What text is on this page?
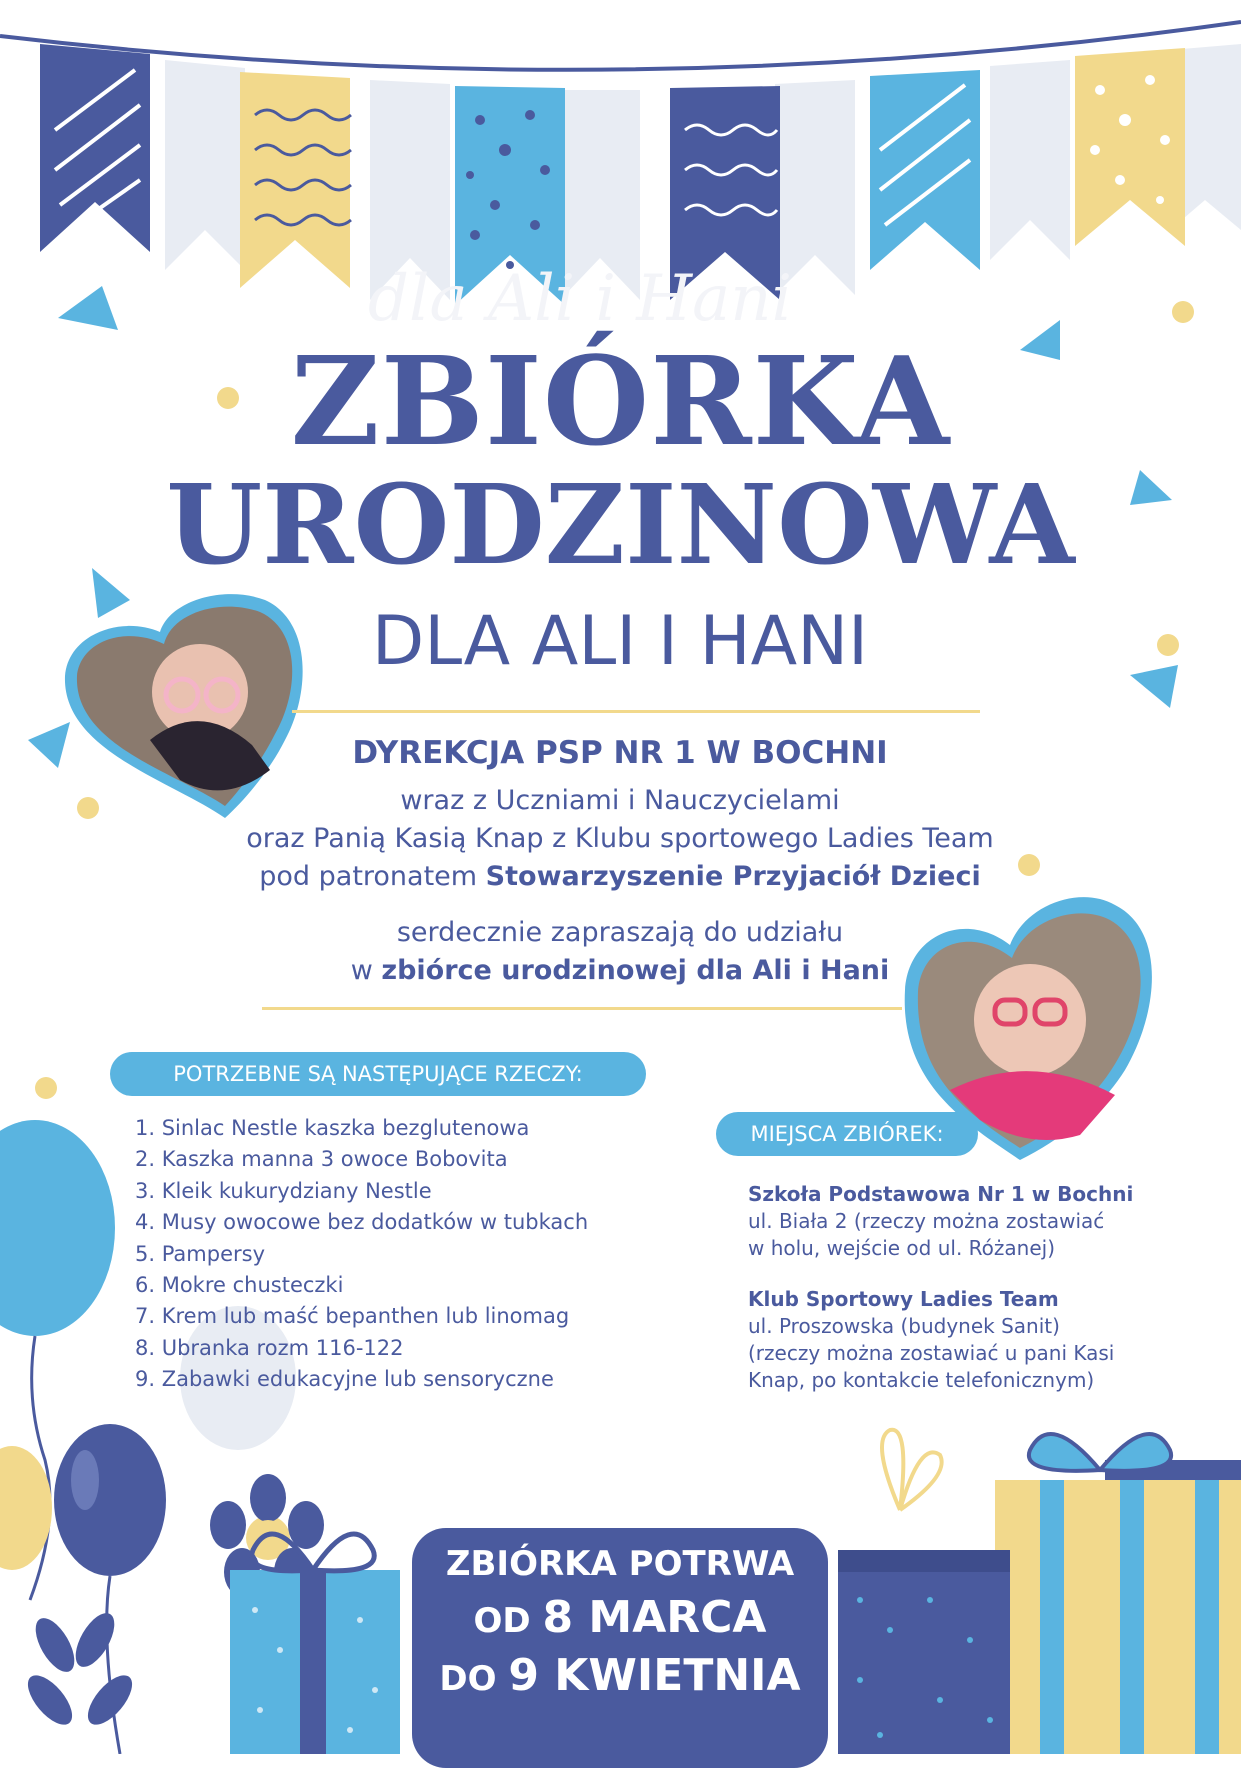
dla Ali i Hani
ZBIÓRKA
URODZINOWA
DLA ALI I HANI
DYREKCJA PSP NR 1 W BOCHNI
wraz z Uczniami i Nauczycielami
oraz Panią Kasią Knap z Klubu sportowego Ladies Team
pod patronatem Stowarzyszenie Przyjaciół Dzieci
serdecznie zapraszają do udziału
w zbiórce urodzinowej dla Ali i Hani
POTRZEBNE SĄ NASTĘPUJĄCE RZECZY:
1. Sinlac Nestle kaszka bezglutenowa
2. Kaszka manna 3 owoce Bobovita
3. Kleik kukurydziany Nestle
4. Musy owocowe bez dodatków w tubkach
5. Pampersy
6. Mokre chusteczki
7. Krem lub maść bepanthen lub linomag
8. Ubranka rozm 116-122
9. Zabawki edukacyjne lub sensoryczne
MIEJSCA ZBIÓREK:
Szkoła Podstawowa Nr 1 w Bochni
ul. Biała 2 (rzeczy można zostawiać
w holu, wejście od ul. Różanej)
Klub Sportowy Ladies Team
ul. Proszowska (budynek Sanit)
(rzeczy można zostawiać u pani Kasi
Knap, po kontakcie telefonicznym)
ZBIÓRKA POTRWA
OD 8 MARCA
DO 9 KWIETNIA
